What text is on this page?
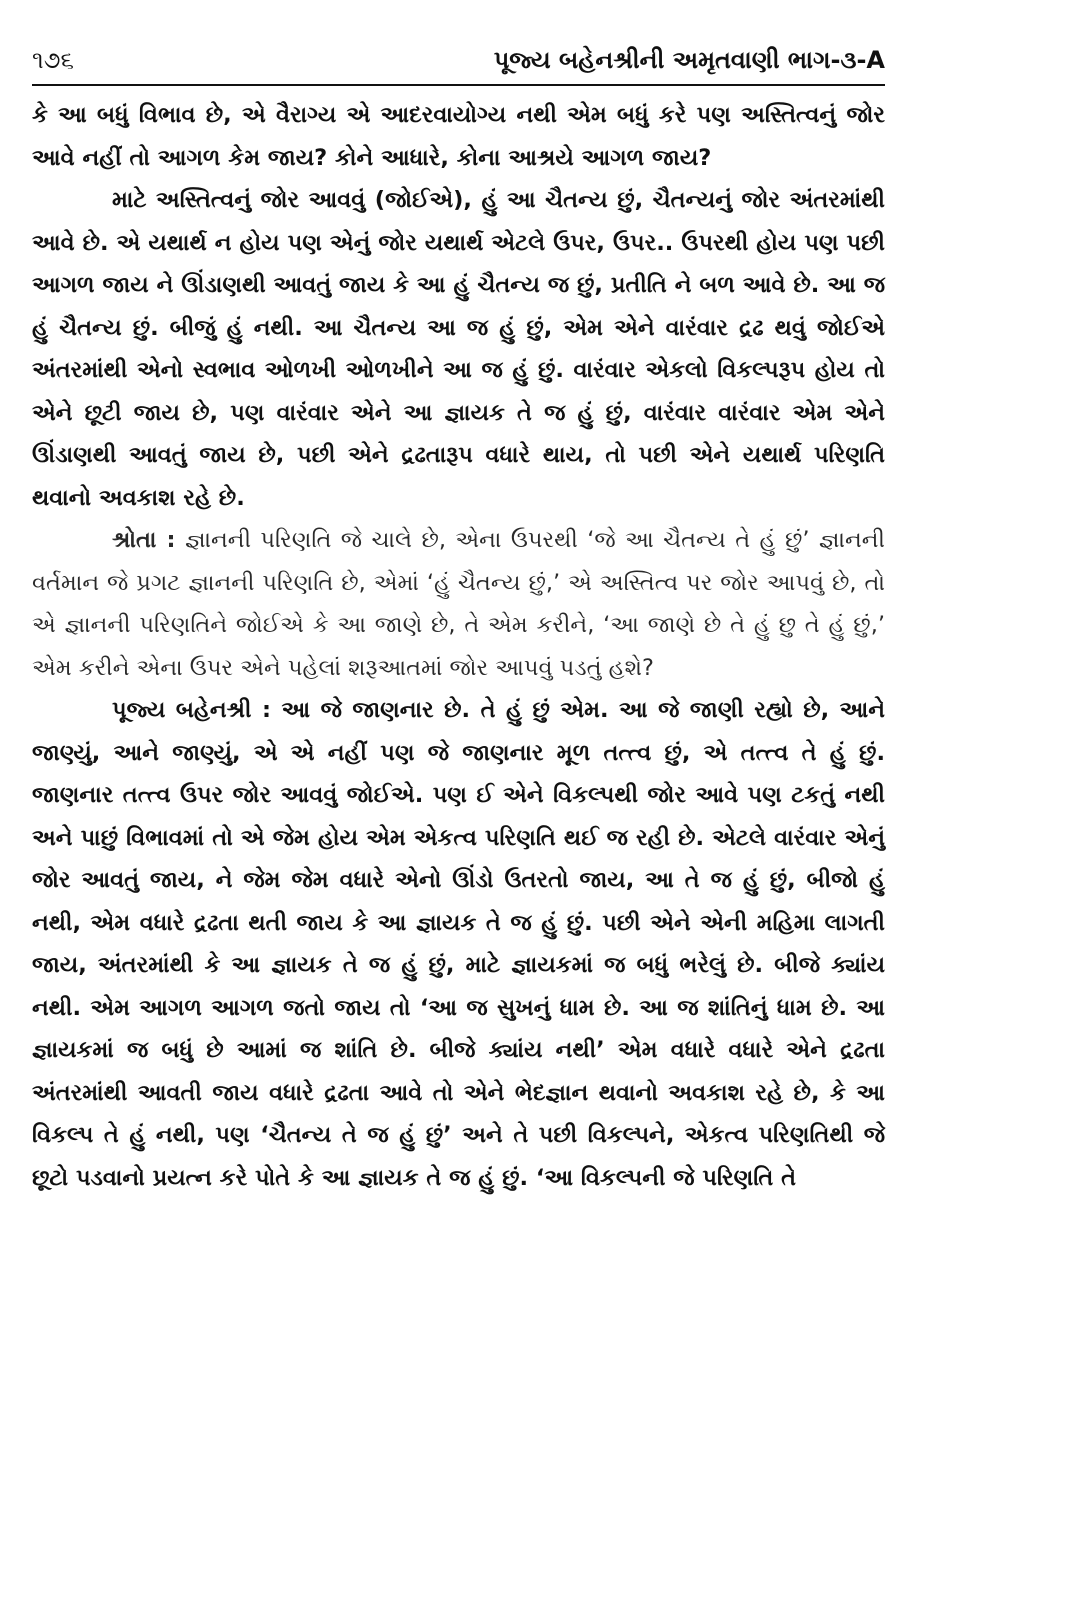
૧૭૬	પૂજ્ય બહેનશ્રીની અમૃતવાણી ભાગ-૩-A

કે આ બધું વિભાવ છે, એ વૈરાગ્ય એ આદરવાયોગ્ય નથી એમ બધું કરે પણ અસ્તિત્વનું જોર આવે નહીં તો આગળ કેમ જાય? કોને આધારે, કોના આશ્રયે આગળ જાય?

માટે અસ્તિત્વનું જોર આવવું (જોઈએ), હું આ ચૈતન્ય છું, ચૈતન્યનું જોર અંતરમાંથી આવે છે. એ યથાર્થ ન હોય પણ એનું જોર યથાર્થ એટલે ઉપર, ઉપર.. ઉપરથી હોય પણ પછી આગળ જાય ને ઊંડાણથી આવતું જાય કે આ હું ચૈતન્ય જ છું, પ્રતીતિ ને બળ આવે છે. આ જ હું ચૈતન્ય છું. બીજું હું નથી. આ ચૈતન્ય આ જ હું છું, એમ એને વારંવાર દ્રઢ થવું જોઈએ અંતરમાંથી એનો સ્વભાવ ઓળખી ઓળખીને આ જ હું છું. વારંવાર એકલો વિકલ્પરૂપ હોય તો એને છૂટી જાય છે, પણ વારંવાર એને આ જ્ઞાયક તે જ હું છું, વારંવાર વારંવાર એમ એને ઊંડાણથી આવતું જાય છે, પછી એને દ્રઢતારૂપ વધારે થાય, તો પછી એને યથાર્થ પરિણતિ થવાનો અવકાશ રહે છે.

શ્રોતા : જ્ઞાનની પરિણતિ જે ચાલે છે, એના ઉપરથી ‘જે આ ચૈતન્ય તે હું છું’ જ્ઞાનની વર્તમાન જે પ્રગટ જ્ઞાનની પરિણતિ છે, એમાં ‘હું ચૈતન્ય છું,’ એ અસ્તિત્વ પર જોર આપવું છે, તો એ જ્ઞાનની પરિણતિને જોઈએ કે આ જાણે છે, તે એમ કરીને, ‘આ જાણે છે તે હું છુ તે હું છું,’ એમ કરીને એના ઉપર એને પહેલાં શરૂઆતમાં જોર આપવું પડતું હશે?

પૂજ્ય બહેનશ્રી : આ જે જાણનાર છે. તે હું છું એમ. આ જે જાણી રહ્યો છે, આને જાણ્યું, આને જાણ્યું, એ એ નહીં પણ જે જાણનાર મૂળ તત્ત્વ છું, એ તત્ત્વ તે હું છું. જાણનાર તત્ત્વ ઉપર જોર આવવું જોઈએ. પણ ઈ એને વિકલ્પથી જોર આવે પણ ટકતું નથી અને પાછું વિભાવમાં તો એ જેમ હોય એમ એકત્વ પરિણતિ થઈ જ રહી છે. એટલે વારંવાર એનું જોર આવતું જાય, ને જેમ જેમ વધારે એનો ઊંડો ઉતરતો જાય, આ તે જ હું છું, બીજો હું નથી, એમ વધારે દ્રઢતા થતી જાય કે આ જ્ઞાયક તે જ હું છું. પછી એને એની મહિમા લાગતી જાય, અંતરમાંથી કે આ જ્ઞાયક તે જ હું છું, માટે જ્ઞાયકમાં જ બધું ભરેલું છે. બીજે ક્યાંય નથી. એમ આગળ આગળ જતો જાય તો ‘આ જ સુખનું ધામ છે. આ જ શાંતિનું ધામ છે. આ જ્ઞાયકમાં જ બધું છે આમાં જ શાંતિ છે. બીજે ક્યાંય નથી’ એમ વધારે વધારે એને દ્રઢતા અંતરમાંથી આવતી જાય વધારે દ્રઢતા આવે તો એને ભેદજ્ઞાન થવાનો અવકાશ રહે છે, કે આ વિકલ્પ તે હું નથી, પણ ‘ચૈતન્ય તે જ હું છું’ અને તે પછી વિકલ્પને, એકત્વ પરિણતિથી જે છૂટો પડવાનો પ્રયત્ન કરે પોતે કે આ જ્ઞાયક તે જ હું છું. ‘આ વિકલ્પની જે પરિણતિ તે
